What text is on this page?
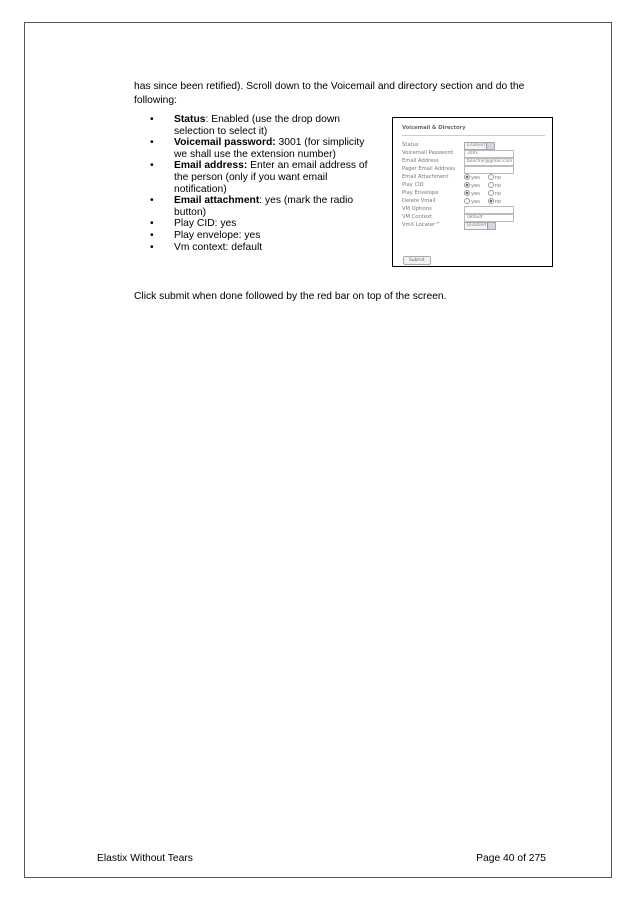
has since been retified). Scroll down to the Voicemail and directory section and do the following:

• Status: Enabled (use the drop down selection to select it)
• Voicemail password: 3001 (for simplicity we shall use the extension number)
• Email address: Enter an email address of the person (only if you want email notification)
• Email attachment: yes (mark the radio button)
• Play CID: yes
• Play envelope: yes
• Vm context: default
Voicemail & Directory
Status	Enabled
Voicemail Password	3001
Email Address	bonchar@gmail.com
Pager Email Address
Email Attachment	yes	no
Play CID	yes	no
Play Envelope	yes	no
Delete Vmail	yes	no
VM Options
VM Context	default
VmX Locater™	Disabled
Submit

Click submit when done followed by the red bar on top of the screen.

Elastix Without Tears	Page 40 of 275
